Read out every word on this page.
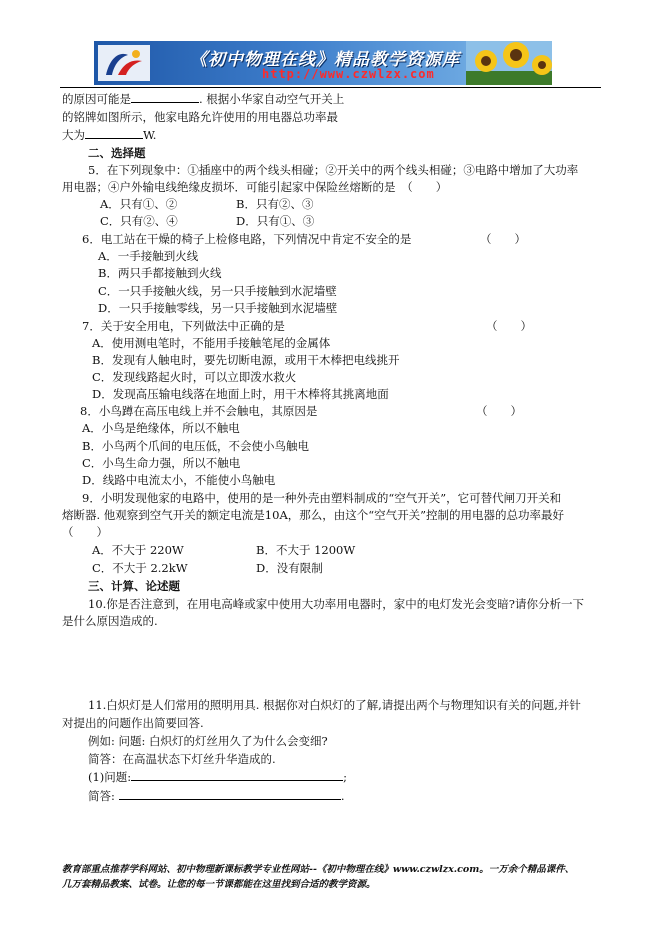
《初中物理在线》精品教学资源库
http://www.czwlzx.com
的原因可能是	. 根据小华家自动空气开关上
的铭牌如图所示，他家电路允许使用的用电器总功率最
大为	W.
二、选择题
5．在下列现象中：①插座中的两个线头相碰；②开关中的两个线头相碰；③电路中增加了大功率
用电器；④户外输电线绝缘皮损坏．可能引起家中保险丝熔断的是　（　　）
A．只有①、②	B．只有②、③
C．只有②、④	D．只有①、③
6．电工站在干燥的椅子上检修电路，下列情况中肯定不安全的是	（　　）
A．一手接触到火线
B．两只手都接触到火线
C．一只手接触火线，另一只手接触到水泥墙壁
D．一只手接触零线，另一只手接触到水泥墙壁
7．关于安全用电，下列做法中正确的是	（　　）
A．使用测电笔时，不能用手接触笔尾的金属体
B．发现有人触电时，要先切断电源，或用干木棒把电线挑开
C．发现线路起火时，可以立即泼水救火
D．发现高压输电线落在地面上时，用干木棒将其挑离地面
8．小鸟蹲在高压电线上并不会触电，其原因是	（　　）
A．小鸟是绝缘体，所以不触电
B．小鸟两个爪间的电压低，不会使小鸟触电
C．小鸟生命力强，所以不触电
D．线路中电流太小，不能使小鸟触电
9．小明发现他家的电路中，使用的是一种外壳由塑料制成的“空气开关”，它可替代闸刀开关和
熔断器. 他观察到空气开关的额定电流是10A，那么，由这个“空气开关”控制的用电器的总功率最好
（　　）
A．不大于 220W	B．不大于 1200W
C．不大于 2.2kW	D．没有限制
三、计算、论述题
10.你是否注意到，在用电高峰或家中使用大功率用电器时，家中的电灯发光会变暗?请你分析一下
是什么原因造成的.
11.白炽灯是人们常用的照明用具. 根据你对白炽灯的了解,请提出两个与物理知识有关的问题,并针
对提出的问题作出简要回答.
例如: 问题: 白炽灯的灯丝用久了为什么会变细?
简答：在高温状态下灯丝升华造成的.
(1)问题:	;
简答:	.
教育部重点推荐学科网站、初中物理新课标教学专业性网站--《初中物理在线》www.czwlzx.com。一万余个精品课件、
几万套精品教案、试卷。让您的每一节课都能在这里找到合适的教学资源。
